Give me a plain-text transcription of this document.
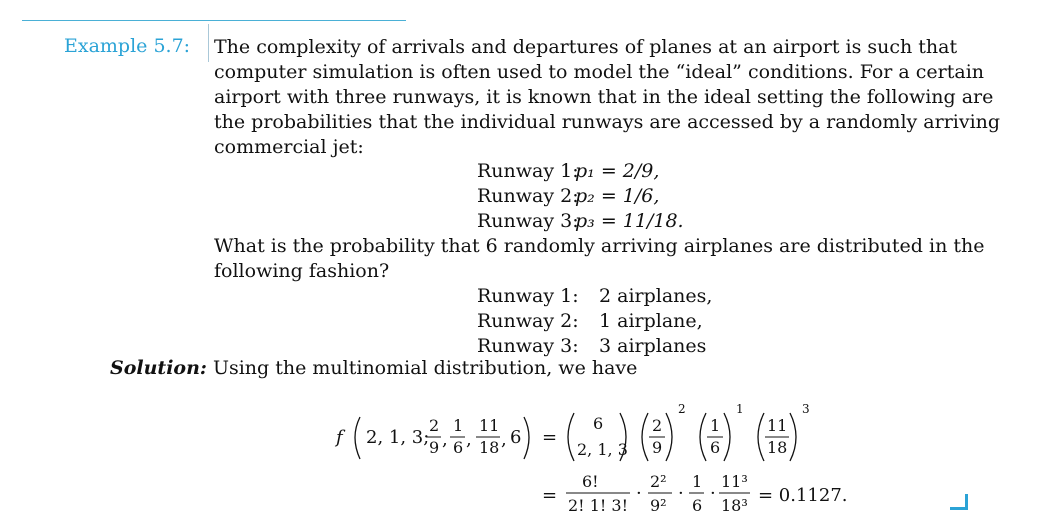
Example 5.7: The complexity of arrivals and departures of planes at an airport is such that
computer simulation is often used to model the “ideal” conditions. For a certain
airport with three runways, it is known that in the ideal setting the following are
the probabilities that the individual runways are accessed by a randomly arriving
commercial jet:
Runway 1:p₁ = 2/9,
Runway 2:p₂ = 1/6,
Runway 3:p₃ = 11/18.
What is the probability that 6 randomly arriving airplanes are distributed in the
following fashion?
Runway 1: 2 airplanes,
Runway 2: 1 airplane,
Runway 3: 3 airplanes
Solution: Using the multinomial distribution, we have
f 2, 1, 3;
2
9 ,
1
6 ,
11
18 , 6 =
6
2, 1, 3
2
9
2
1
6
1
11
18
3
=
6!
2! 1! 3!
·
2²
9²
·
1
6
·
11³
18³ = 0.1127.
